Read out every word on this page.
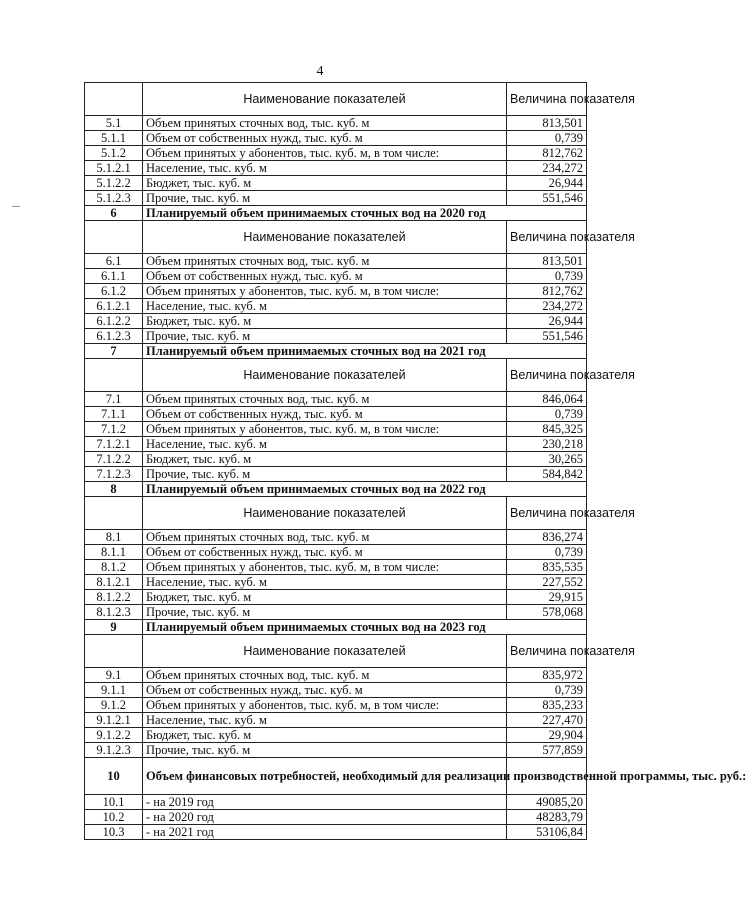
4
	Наименование показателей	Величина показателя
5.1	Объем принятых сточных вод, тыс. куб. м	813,501
5.1.1	Объем от собственных нужд, тыс. куб. м	0,739
5.1.2	Объем принятых у абонентов, тыс. куб. м, в том числе:	812,762
5.1.2.1	Население, тыс. куб. м	234,272
5.1.2.2	Бюджет, тыс. куб. м	26,944
5.1.2.3	Прочие, тыс. куб. м	551,546
6	Планируемый объем принимаемых сточных вод на 2020 год	
	Наименование показателей	Величина показателя
6.1	Объем принятых сточных вод, тыс. куб. м	813,501
6.1.1	Объем от собственных нужд, тыс. куб. м	0,739
6.1.2	Объем принятых у абонентов, тыс. куб. м, в том числе:	812,762
6.1.2.1	Население, тыс. куб. м	234,272
6.1.2.2	Бюджет, тыс. куб. м	26,944
6.1.2.3	Прочие, тыс. куб. м	551,546
7	Планируемый объем принимаемых сточных вод на 2021 год	
	Наименование показателей	Величина показателя
7.1	Объем принятых сточных вод, тыс. куб. м	846,064
7.1.1	Объем от собственных нужд, тыс. куб. м	0,739
7.1.2	Объем принятых у абонентов, тыс. куб. м, в том числе:	845,325
7.1.2.1	Население, тыс. куб. м	230,218
7.1.2.2	Бюджет, тыс. куб. м	30,265
7.1.2.3	Прочие, тыс. куб. м	584,842
8	Планируемый объем принимаемых сточных вод на 2022 год	
	Наименование показателей	Величина показателя
8.1	Объем принятых сточных вод, тыс. куб. м	836,274
8.1.1	Объем от собственных нужд, тыс. куб. м	0,739
8.1.2	Объем принятых у абонентов, тыс. куб. м, в том числе:	835,535
8.1.2.1	Население, тыс. куб. м	227,552
8.1.2.2	Бюджет, тыс. куб. м	29,915
8.1.2.3	Прочие, тыс. куб. м	578,068
9	Планируемый объем принимаемых сточных вод на 2023 год	
	Наименование показателей	Величина показателя
9.1	Объем принятых сточных вод, тыс. куб. м	835,972
9.1.1	Объем от собственных нужд, тыс. куб. м	0,739
9.1.2	Объем принятых у абонентов, тыс. куб. м, в том числе:	835,233
9.1.2.1	Население, тыс. куб. м	227,470
9.1.2.2	Бюджет, тыс. куб. м	29,904
9.1.2.3	Прочие, тыс. куб. м	577,859
10	Объем финансовых потребностей, необходимый для реализации производственной программы, тыс. руб.:	
10.1	- на 2019 год	49085,20
10.2	- на 2020 год	48283,79
10.3	- на 2021 год	53106,84
